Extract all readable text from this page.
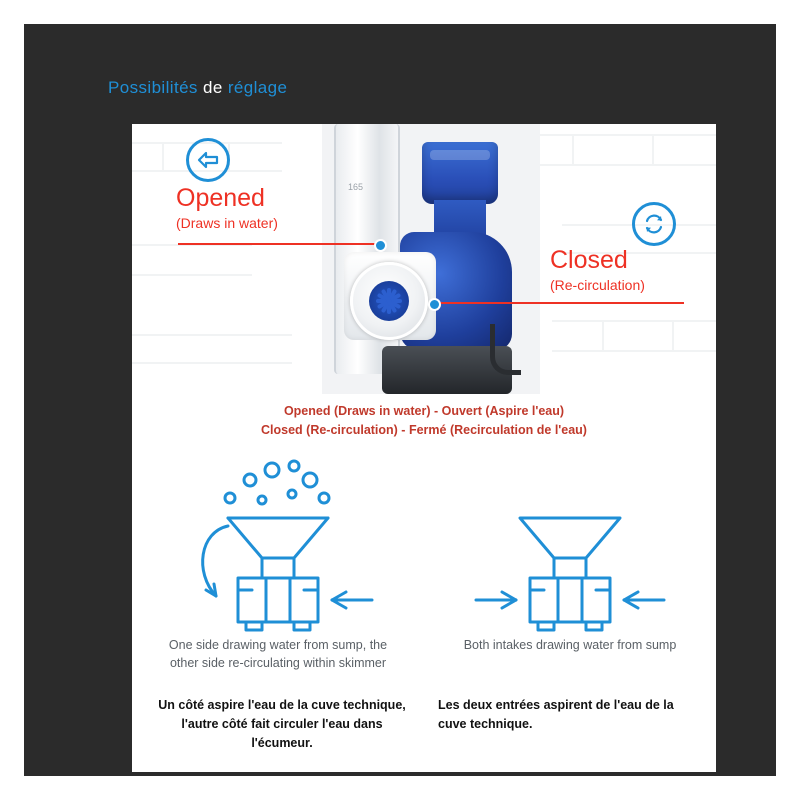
Possibilités de réglage
165
Opened
(Draws in water)
Closed
(Re-circulation)
Opened (Draws in water) - Ouvert (Aspire l'eau)
Closed (Re-circulation) - Fermé (Recirculation de l'eau)
One side drawing water from sump, the
other side re-circulating within skimmer
Both intakes drawing water from sump
Un côté aspire l'eau de la cuve technique,
l'autre côté fait circuler l'eau dans
l'écumeur.
Les deux entrées aspirent de l'eau de la
cuve technique.
